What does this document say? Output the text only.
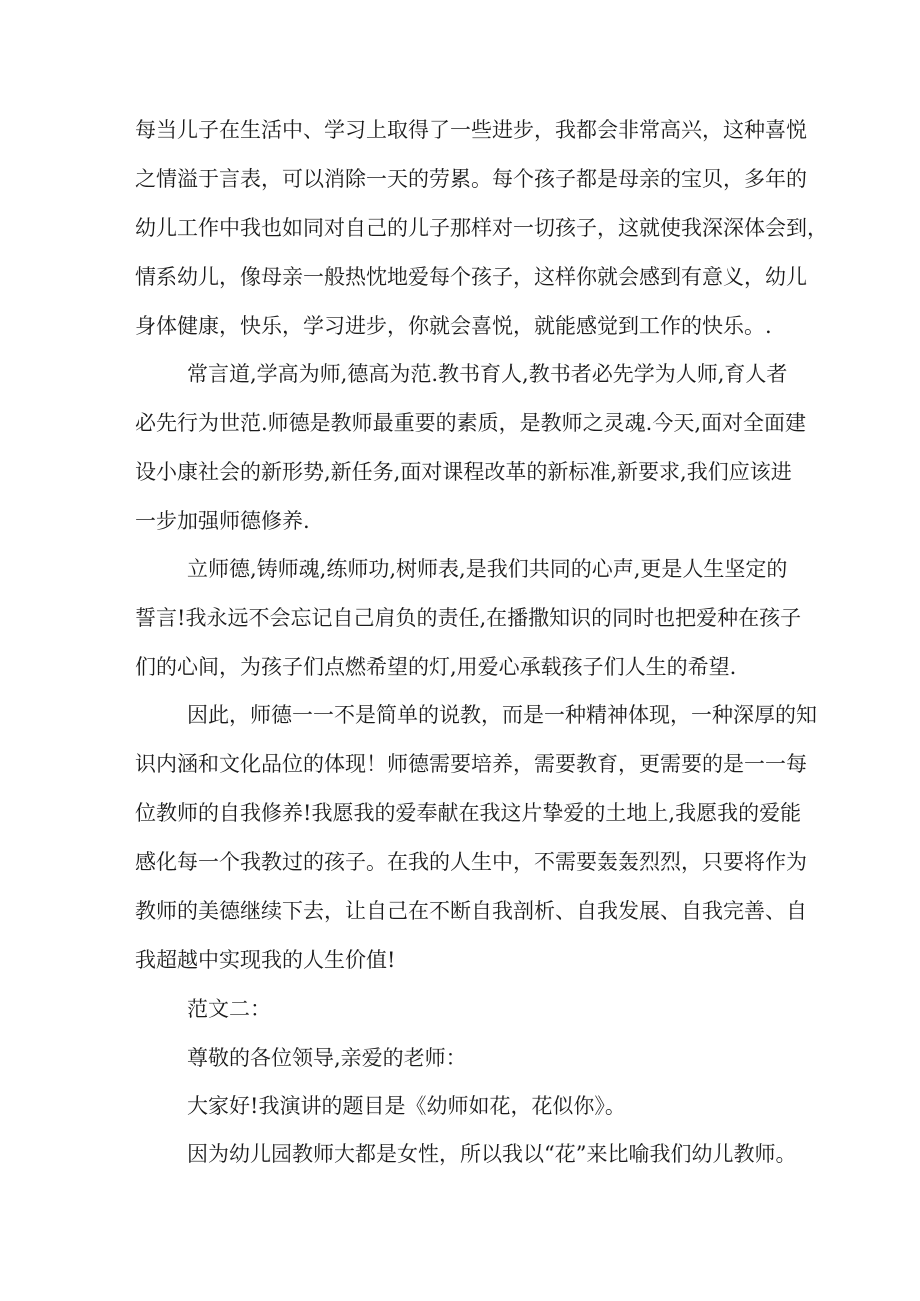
每当儿子在生活中、学习上取得了一些进步，我都会非常高兴，这种喜悦
之情溢于言表，可以消除一天的劳累。每个孩子都是母亲的宝贝，多年的
幼儿工作中我也如同对自己的儿子那样对一切孩子，这就使我深深体会到，
情系幼儿，像母亲一般热忱地爱每个孩子，这样你就会感到有意义，幼儿
身体健康，快乐，学习进步，你就会喜悦，就能感觉到工作的快乐。.
常言道,学高为师,德高为范.教书育人,教书者必先学为人师,育人者
必先行为世范.师德是教师最重要的素质，是教师之灵魂.今天,面对全面建
设小康社会的新形势,新任务,面对课程改革的新标准,新要求,我们应该进
一步加强师德修养.
立师德,铸师魂,练师功,树师表,是我们共同的心声,更是人生坚定的
誓言!我永远不会忘记自己肩负的责任,在播撒知识的同时也把爱种在孩子
们的心间，为孩子们点燃希望的灯,用爱心承载孩子们人生的希望.
因此，师德一一不是简单的说教，而是一种精神体现，一种深厚的知
识内涵和文化品位的体现！师德需要培养，需要教育，更需要的是一一每
位教师的自我修养!我愿我的爱奉献在我这片挚爱的土地上,我愿我的爱能
感化每一个我教过的孩子。在我的人生中，不需要轰轰烈烈，只要将作为
教师的美德继续下去，让自己在不断自我剖析、自我发展、自我完善、自
我超越中实现我的人生价值!
范文二：
尊敬的各位领导,亲爱的老师：
大家好!我演讲的题目是《幼师如花，花似你》。
因为幼儿园教师大都是女性，所以我以“花”来比喻我们幼儿教师。
